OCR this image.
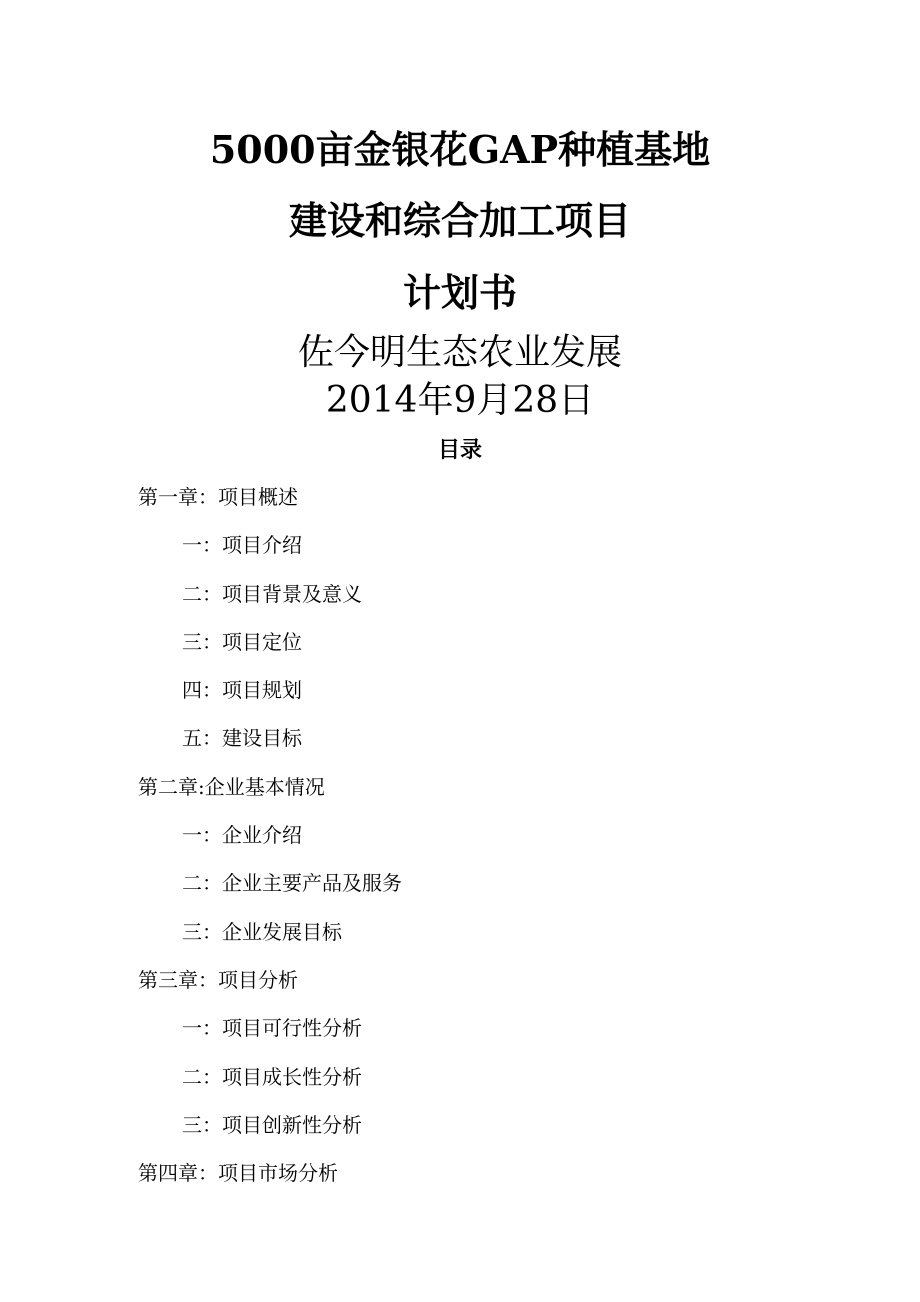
5000亩金银花GAP种植基地
建设和综合加工项目
计划书
佐今明生态农业发展
2014年9月28日
目录
第一章：项目概述
一：项目介绍
二：项目背景及意义
三：项目定位
四：项目规划
五：建设目标
第二章:企业基本情况
一：企业介绍
二：企业主要产品及服务
三：企业发展目标
第三章：项目分析
一：项目可行性分析
二：项目成长性分析
三：项目创新性分析
第四章：项目市场分析
